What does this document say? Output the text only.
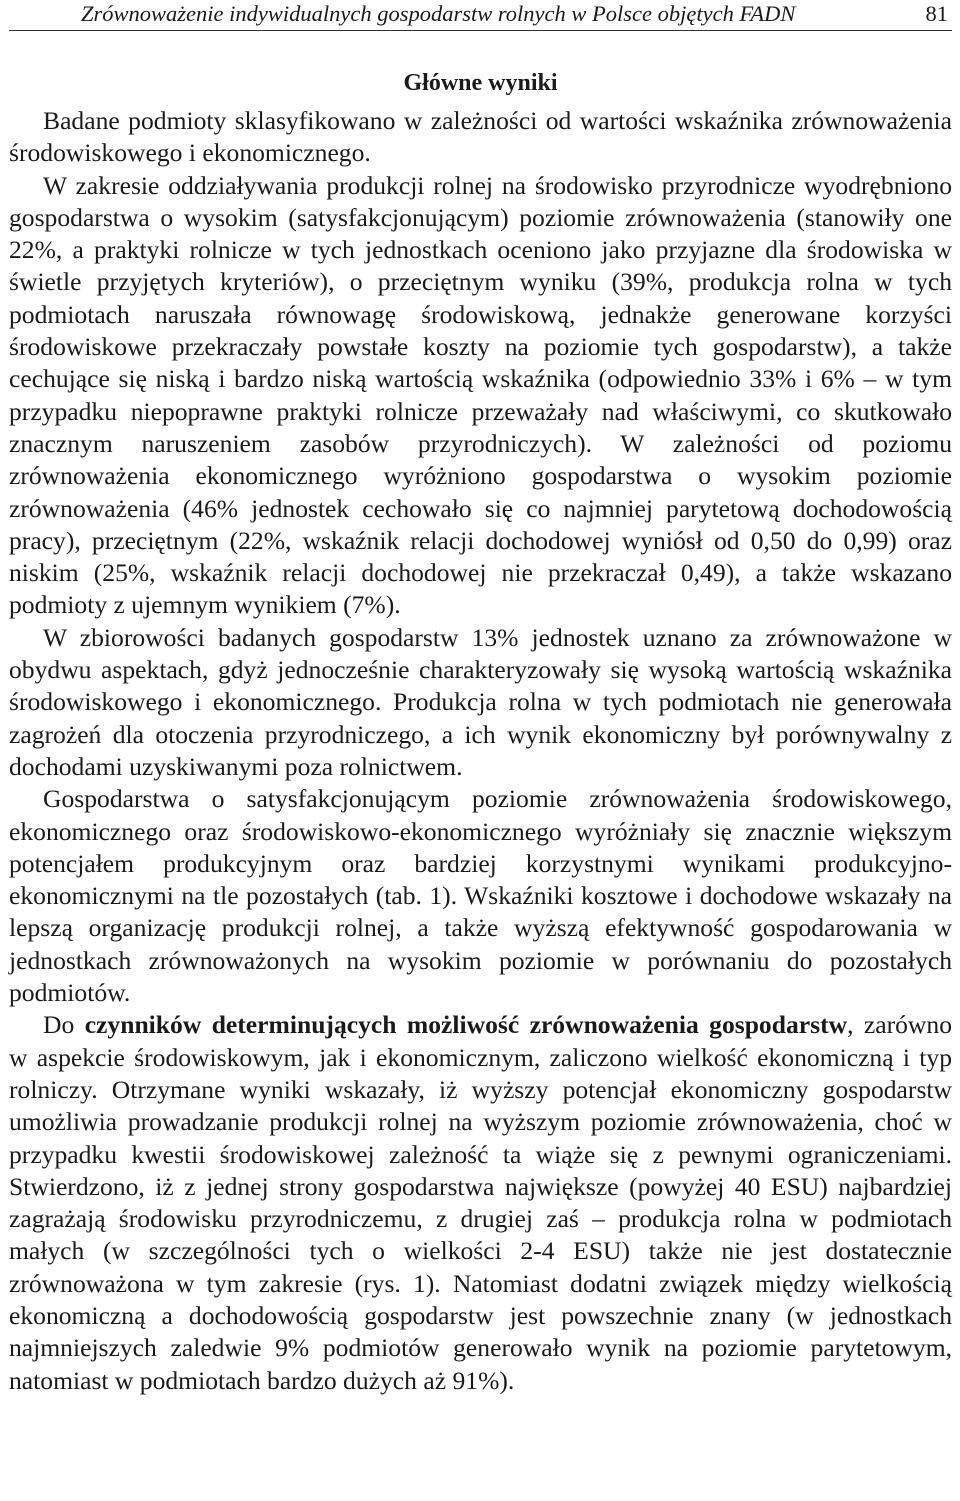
Zrównoważenie indywidualnych gospodarstw rolnych w Polsce objętych FADN	81
Główne wyniki

Badane podmioty sklasyfikowano w zależności od wartości wskaźnika zrównoważenia środowiskowego i ekonomicznego.

W zakresie oddziaływania produkcji rolnej na środowisko przyrodnicze wyodrębniono gospodarstwa o wysokim (satysfakcjonującym) poziomie zrównoważenia (stanowiły one 22%, a praktyki rolnicze w tych jednostkach oceniono jako przyjazne dla środowiska w świetle przyjętych kryteriów), o przeciętnym wyniku (39%, produkcja rolna w tych podmiotach naruszała równowagę środowiskową, jednakże generowane korzyści środowiskowe przekraczały powstałe koszty na poziomie tych gospodarstw), a także cechujące się niską i bardzo niską wartością wskaźnika (odpowiednio 33% i 6% – w tym przypadku niepoprawne praktyki rolnicze przeważały nad właściwymi, co skutkowało znacznym naruszeniem zasobów przyrodniczych). W zależności od poziomu zrównoważenia ekonomicznego wyróżniono gospodarstwa o wysokim poziomie zrównoważenia (46% jednostek cechowało się co najmniej parytetową dochodowością pracy), przeciętnym (22%, wskaźnik relacji dochodowej wyniósł od 0,50 do 0,99) oraz niskim (25%, wskaźnik relacji dochodowej nie przekraczał 0,49), a także wskazano podmioty z ujemnym wynikiem (7%).

W zbiorowości badanych gospodarstw 13% jednostek uznano za zrównoważone w obydwu aspektach, gdyż jednocześnie charakteryzowały się wysoką wartością wskaźnika środowiskowego i ekonomicznego. Produkcja rolna w tych podmiotach nie generowała zagrożeń dla otoczenia przyrodniczego, a ich wynik ekonomiczny był porównywalny z dochodami uzyskiwanymi poza rolnictwem.

Gospodarstwa o satysfakcjonującym poziomie zrównoważenia środowiskowego, ekonomicznego oraz środowiskowo-ekonomicznego wyróżniały się znacznie większym potencjałem produkcyjnym oraz bardziej korzystnymi wynikami produkcyjno-ekonomicznymi na tle pozostałych (tab. 1). Wskaźniki kosztowe i dochodowe wskazały na lepszą organizację produkcji rolnej, a także wyższą efektywność gospodarowania w jednostkach zrównoważonych na wysokim poziomie w porównaniu do pozostałych podmiotów.

Do czynników determinujących możliwość zrównoważenia gospodarstw, zarówno w aspekcie środowiskowym, jak i ekonomicznym, zaliczono wielkość ekonomiczną i typ rolniczy. Otrzymane wyniki wskazały, iż wyższy potencjał ekonomiczny gospodarstw umożliwia prowadzanie produkcji rolnej na wyższym poziomie zrównoważenia, choć w przypadku kwestii środowiskowej zależność ta wiąże się z pewnymi ograniczeniami. Stwierdzono, iż z jednej strony gospodarstwa największe (powyżej 40 ESU) najbardziej zagrażają środowisku przyrodniczemu, z drugiej zaś – produkcja rolna w podmiotach małych (w szczególności tych o wielkości 2-4 ESU) także nie jest dostatecznie zrównoważona w tym zakresie (rys. 1). Natomiast dodatni związek między wielkością ekonomiczną a dochodowością gospodarstw jest powszechnie znany (w jednostkach najmniejszych zaledwie 9% podmiotów generowało wynik na poziomie parytetowym, natomiast w podmiotach bardzo dużych aż 91%).
